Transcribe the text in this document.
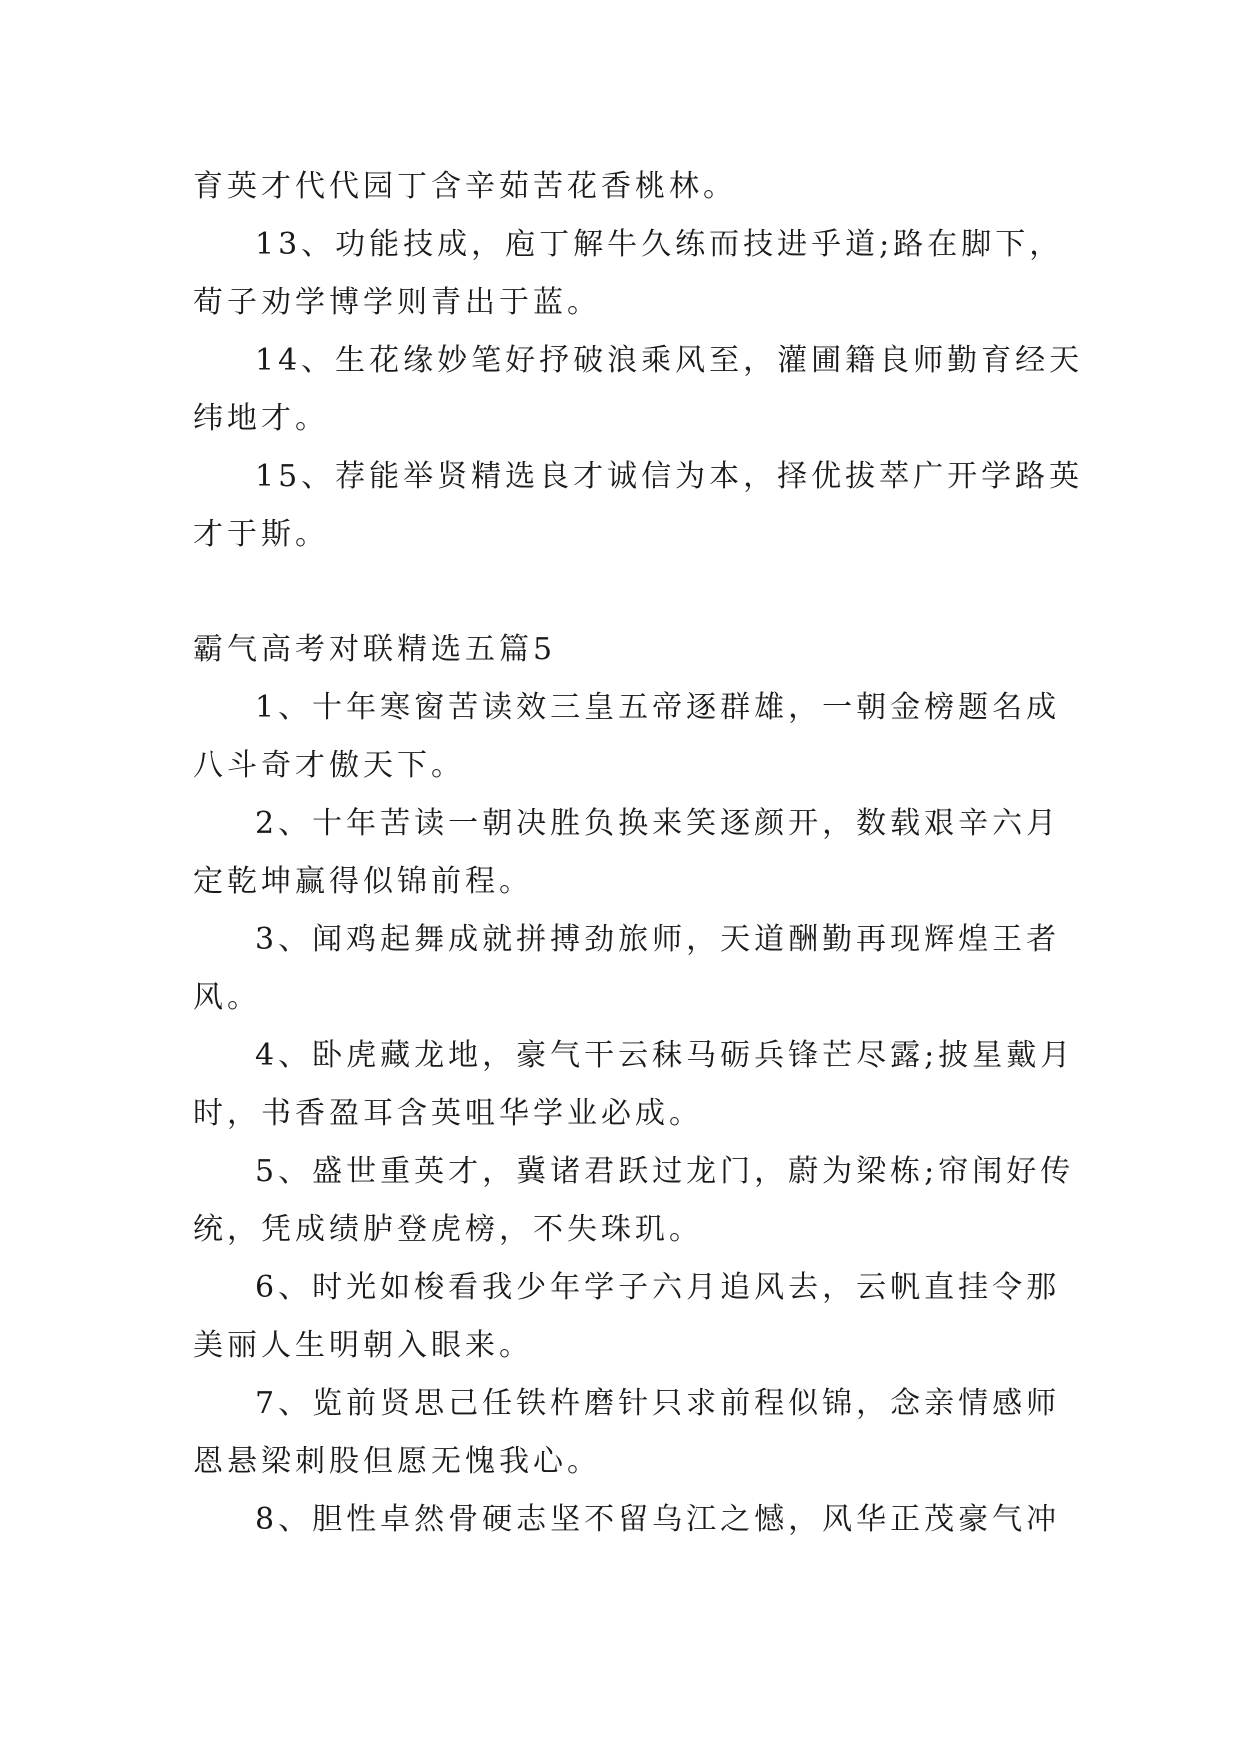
育英才代代园丁含辛茹苦花香桃林。
13、功能技成，庖丁解牛久练而技进乎道;路在脚下，
荀子劝学博学则青出于蓝。
14、生花缘妙笔好抒破浪乘风至，灌圃籍良师勤育经天
纬地才。
15、荐能举贤精选良才诚信为本，择优拔萃广开学路英
才于斯。
霸气高考对联精选五篇5
1、十年寒窗苦读效三皇五帝逐群雄，一朝金榜题名成
八斗奇才傲天下。
2、十年苦读一朝决胜负换来笑逐颜开，数载艰辛六月
定乾坤赢得似锦前程。
3、闻鸡起舞成就拼搏劲旅师，天道酬勤再现辉煌王者
风。
4、卧虎藏龙地，豪气干云秣马砺兵锋芒尽露;披星戴月
时，书香盈耳含英咀华学业必成。
5、盛世重英才，冀诸君跃过龙门，蔚为梁栋;帘闱好传
统，凭成绩胪登虎榜，不失珠玑。
6、时光如梭看我少年学子六月追风去，云帆直挂令那
美丽人生明朝入眼来。
7、览前贤思己任铁杵磨针只求前程似锦，念亲情感师
恩悬梁刺股但愿无愧我心。
8、胆性卓然骨硬志坚不留乌江之憾，风华正茂豪气冲
